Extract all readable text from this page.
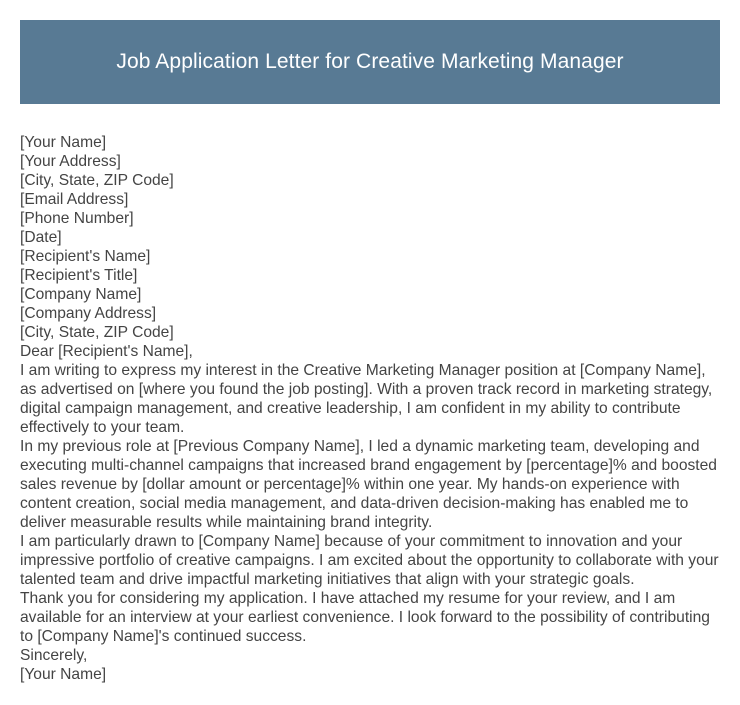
Job Application Letter for Creative Marketing Manager
[Your Name]
[Your Address]
[City, State, ZIP Code]
[Email Address]
[Phone Number]
[Date]
[Recipient's Name]
[Recipient's Title]
[Company Name]
[Company Address]
[City, State, ZIP Code]
Dear [Recipient's Name],

I am writing to express my interest in the Creative Marketing Manager position at [Company Name], as advertised on [where you found the job posting]. With a proven track record in marketing strategy, digital campaign management, and creative leadership, I am confident in my ability to contribute effectively to your team.

In my previous role at [Previous Company Name], I led a dynamic marketing team, developing and executing multi-channel campaigns that increased brand engagement by [percentage]% and boosted sales revenue by [dollar amount or percentage]% within one year. My hands-on experience with content creation, social media management, and data-driven decision-making has enabled me to deliver measurable results while maintaining brand integrity.

I am particularly drawn to [Company Name] because of your commitment to innovation and your impressive portfolio of creative campaigns. I am excited about the opportunity to collaborate with your talented team and drive impactful marketing initiatives that align with your strategic goals.

Thank you for considering my application. I have attached my resume for your review, and I am available for an interview at your earliest convenience. I look forward to the possibility of contributing to [Company Name]'s continued success.

Sincerely,
[Your Name]
